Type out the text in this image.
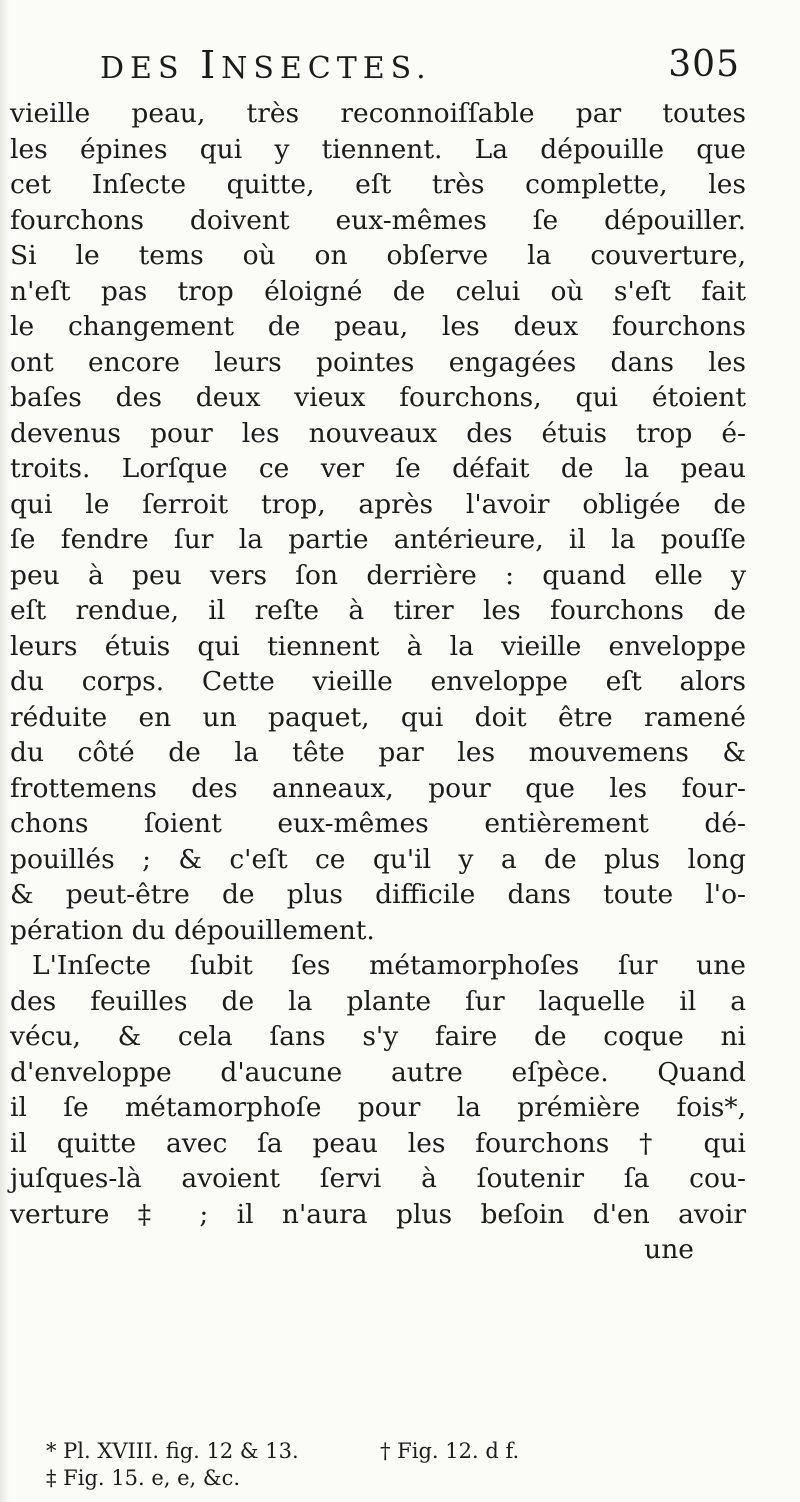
DES INSECTES.	305
vieille peau, très reconnoiſſable par toutes
les épines qui y tiennent. La dépouille que
cet Inſecte quitte, eſt très complette, les
fourchons doivent eux-mêmes ſe dépouiller.
Si le tems où on obſerve la couverture,
n'eſt pas trop éloigné de celui où s'eſt fait
le changement de peau, les deux fourchons
ont encore leurs pointes engagées dans les
baſes des deux vieux fourchons, qui étoient
devenus pour les nouveaux des étuis trop é-
troits. Lorſque ce ver ſe défait de la peau
qui le ſerroit trop, après l'avoir obligée de
ſe fendre ſur la partie antérieure, il la pouſſe
peu à peu vers ſon derrière : quand elle y
eſt rendue, il reſte à tirer les fourchons de
leurs étuis qui tiennent à la vieille enveloppe
du corps. Cette vieille enveloppe eſt alors
réduite en un paquet, qui doit être ramené
du côté de la tête par les mouvemens &
frottemens des anneaux, pour que les four-
chons ſoient eux-mêmes entièrement dé-
pouillés ; & c'eſt ce qu'il y a de plus long
& peut-être de plus difficile dans toute l'o-
pération du dépouillement.
L'Inſecte ſubit ſes métamorphoſes ſur une
des feuilles de la plante ſur laquelle il a
vécu, & cela ſans s'y faire de coque ni
d'enveloppe d'aucune autre eſpèce. Quand
il ſe métamorphoſe pour la prémière fois*,
il quitte avec ſa peau les fourchons † qui
juſques-là avoient ſervi à ſoutenir ſa cou-
verture ‡ ; il n'aura plus beſoin d'en avoir
une
* Pl. XVIII. fig. 12 & 13.	† Fig. 12. d f.
‡ Fig. 15. e, e, &c.
